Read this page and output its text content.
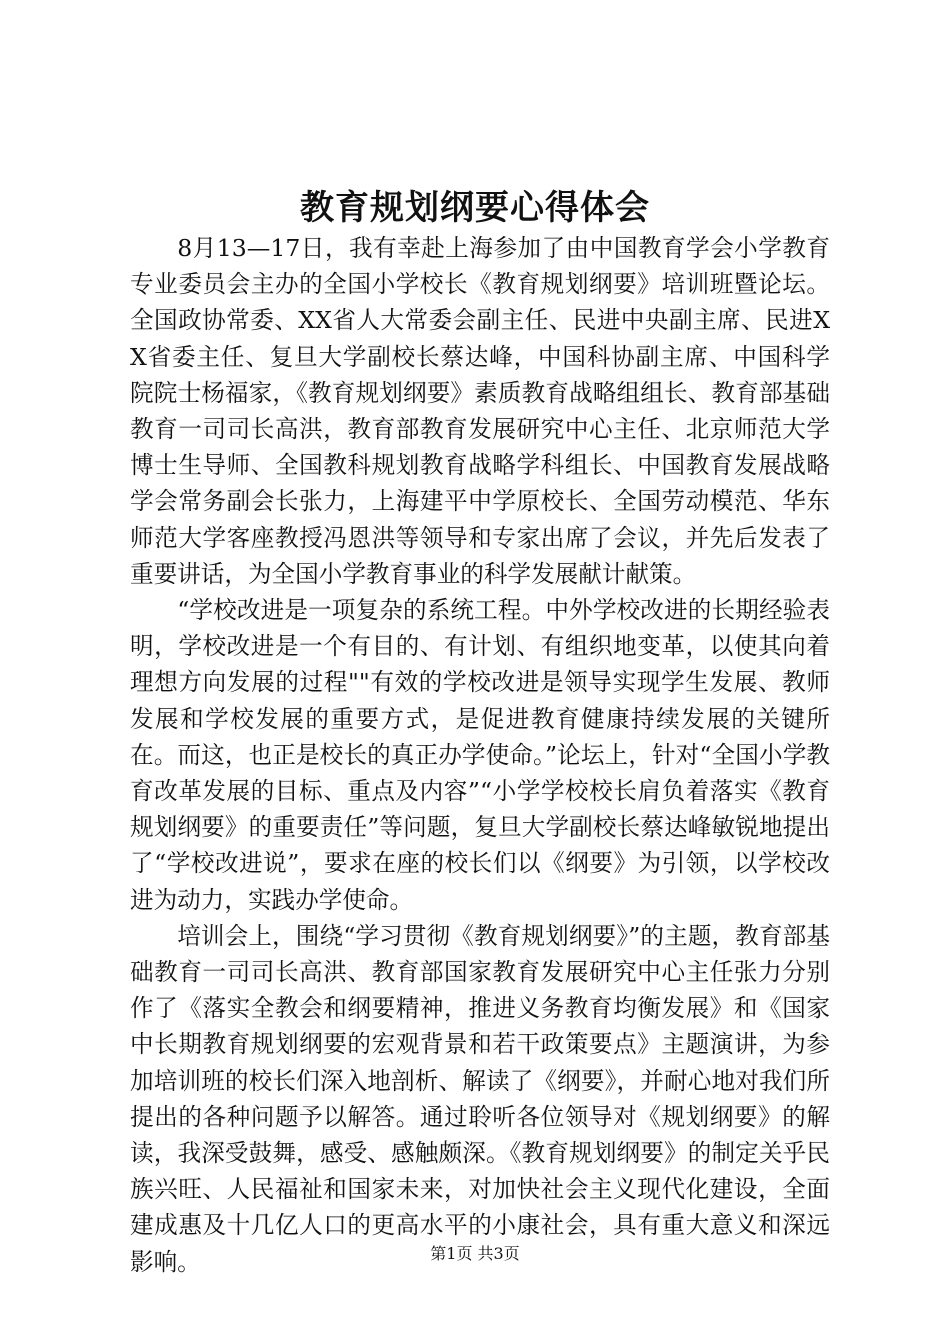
教育规划纲要心得体会

8月13—17日，我有幸赴上海参加了由中国教育学会小学教育专业委员会主办的全国小学校长《教育规划纲要》培训班暨论坛。全国政协常委、XX省人大常委会副主任、民进中央副主席、民进XX省委主任、复旦大学副校长蔡达峰，中国科协副主席、中国科学院院士杨福家，《教育规划纲要》素质教育战略组组长、教育部基础教育一司司长高洪，教育部教育发展研究中心主任、北京师范大学博士生导师、全国教科规划教育战略学科组长、中国教育发展战略学会常务副会长张力，上海建平中学原校长、全国劳动模范、华东师范大学客座教授冯恩洪等领导和专家出席了会议，并先后发表了重要讲话，为全国小学教育事业的科学发展献计献策。

“学校改进是一项复杂的系统工程。中外学校改进的长期经验表明，学校改进是一个有目的、有计划、有组织地变革，以使其向着理想方向发展的过程""有效的学校改进是领导实现学生发展、教师发展和学校发展的重要方式，是促进教育健康持续发展的关键所在。而这，也正是校长的真正办学使命。”论坛上，针对“全国小学教育改革发展的目标、重点及内容”“小学学校校长肩负着落实《教育规划纲要》的重要责任”等问题，复旦大学副校长蔡达峰敏锐地提出了“学校改进说”，要求在座的校长们以《纲要》为引领，以学校改进为动力，实践办学使命。

培训会上，围绕“学习贯彻《教育规划纲要》”的主题，教育部基础教育一司司长高洪、教育部国家教育发展研究中心主任张力分别作了《落实全教会和纲要精神，推进义务教育均衡发展》和《国家中长期教育规划纲要的宏观背景和若干政策要点》主题演讲，为参加培训班的校长们深入地剖析、解读了《纲要》，并耐心地对我们所提出的各种问题予以解答。通过聆听各位领导对《规划纲要》的解读，我深受鼓舞，感受、感触颇深。《教育规划纲要》的制定关乎民族兴旺、人民福祉和国家未来，对加快社会主义现代化建设，全面建成惠及十几亿人口的更高水平的小康社会，具有重大意义和深远影响。	第1页 共3页
